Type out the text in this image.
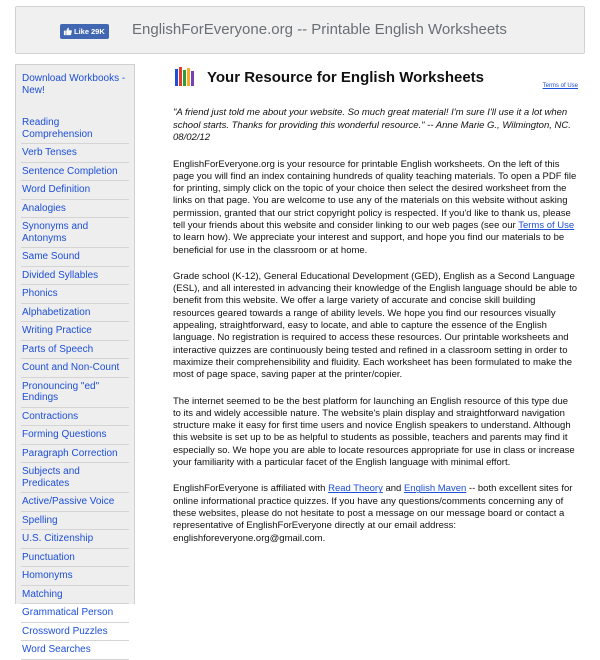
Like 29K EnglishForEveryone.org -- Printable English Worksheets
Download Workbooks - New!
Reading Comprehension
Verb Tenses
Sentence Completion
Word Definition
Analogies
Synonyms and Antonyms
Same Sound
Divided Syllables
Phonics
Alphabetization
Writing Practice
Parts of Speech
Count and Non-Count
Pronouncing "ed" Endings
Contractions
Forming Questions
Paragraph Correction
Subjects and Predicates
Active/Passive Voice
Spelling
U.S. Citizenship
Punctuation
Homonyms
Matching
Grammatical Person
Crossword Puzzles
Word Searches
Your Resource for English Worksheets	Terms of Use

"A friend just told me about your website. So much great material! I'm sure I'll use it a lot when school starts. Thanks for providing this wonderful resource." -- Anne Marie G., Wilmington, NC. 08/02/12

EnglishForEveryone.org is your resource for printable English worksheets. On the left of this page you will find an index containing hundreds of quality teaching materials. To open a PDF file for printing, simply click on the topic of your choice then select the desired worksheet from the links on that page. You are welcome to use any of the materials on this website without asking permission, granted that our strict copyright policy is respected. If you'd like to thank us, please tell your friends about this website and consider linking to our web pages (see our Terms of Use to learn how). We appreciate your interest and support, and hope you find our materials to be beneficial for use in the classroom or at home.

Grade school (K-12), General Educational Development (GED), English as a Second Language (ESL), and all interested in advancing their knowledge of the English language should be able to benefit from this website. We offer a large variety of accurate and concise skill building resources geared towards a range of ability levels. We hope you find our resources visually appealing, straightforward, easy to locate, and able to capture the essence of the English language. No registration is required to access these resources. Our printable worksheets and interactive quizzes are continuously being tested and refined in a classroom setting in order to maximize their comprehensibility and fluidity. Each worksheet has been formulated to make the most of page space, saving paper at the printer/copier.

The internet seemed to be the best platform for launching an English resource of this type due to its and widely accessible nature. The website's plain display and straightforward navigation structure make it easy for first time users and novice English speakers to understand. Although this website is set up to be as helpful to students as possible, teachers and parents may find it especially so. We hope you are able to locate resources appropriate for use in class or increase your familiarity with a particular facet of the English language with minimal effort.

EnglishForEveryone is affiliated with Read Theory and English Maven -- both excellent sites for online informational practice quizzes. If you have any questions/comments concerning any of these websites, please do not hesitate to post a message on our message board or contact a representative of EnglishForEveryone directly at our email address: englishforeveryone.org@gmail.com.
